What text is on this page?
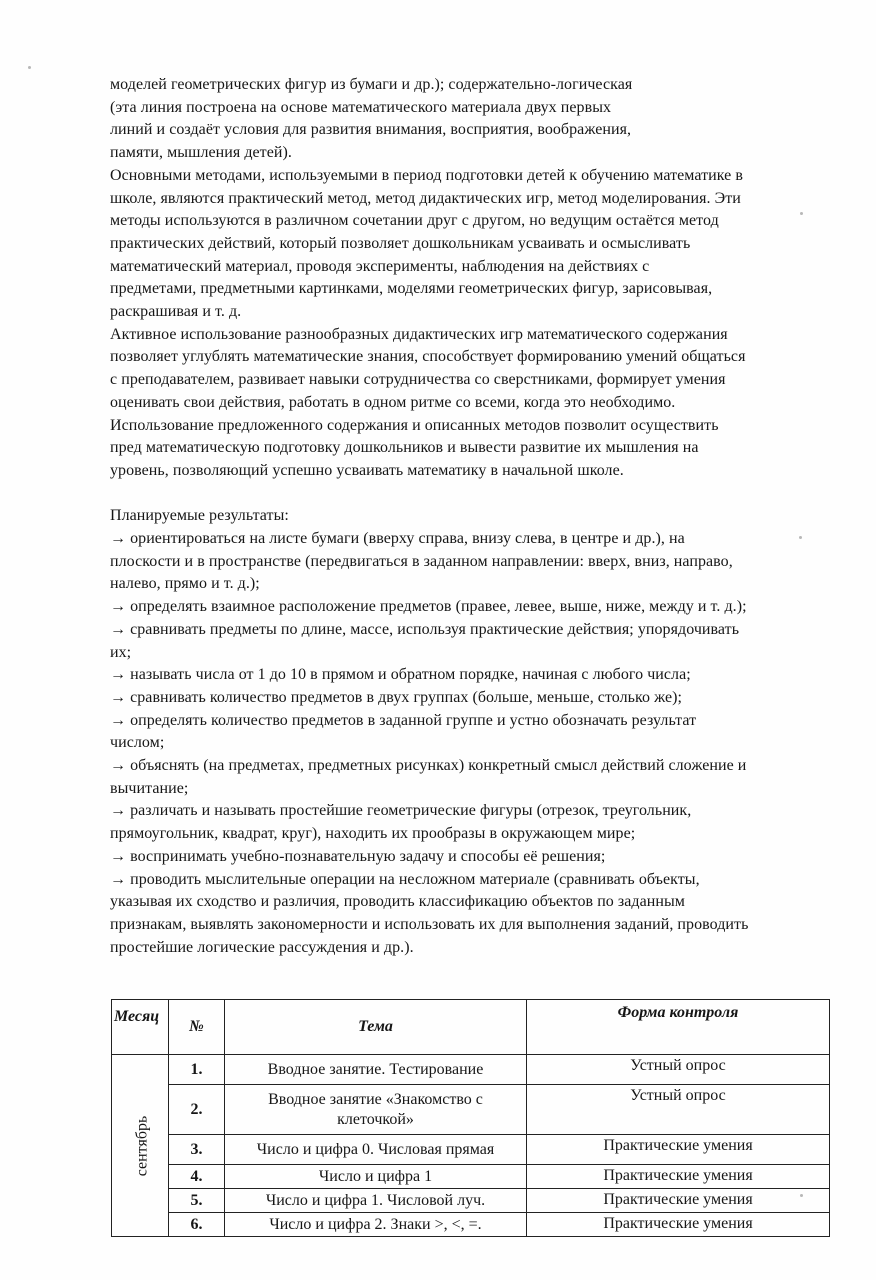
моделей геометрических фигур из бумаги и др.); содержательно-логическая
(эта линия построена на основе математического материала двух первых
линий и создаёт условия для развития внимания, восприятия, воображения,
памяти, мышления детей).
Основными методами, используемыми в период подготовки детей к обучению математике в
школе, являются практический метод, метод дидактических игр, метод моделирования. Эти
методы используются в различном сочетании друг с другом, но ведущим остаётся метод
практических действий, который позволяет дошкольникам усваивать и осмысливать
математический материал, проводя эксперименты, наблюдения на действиях с
предметами, предметными картинками, моделями геометрических фигур, зарисовывая,
раскрашивая и т. д.
Активное использование разнообразных дидактических игр математического содержания
позволяет углублять математические знания, способствует формированию умений общаться
с преподавателем, развивает навыки сотрудничества со сверстниками, формирует умения
оценивать свои действия, работать в одном ритме со всеми, когда это необходимо.
Использование предложенного содержания и описанных методов позволит осуществить
пред математическую подготовку дошкольников и вывести развитие их мышления на
уровень, позволяющий успешно усваивать математику в начальной школе.
Планируемые результаты:
→ ориентироваться на листе бумаги (вверху справа, внизу слева, в центре и др.), на
плоскости и в пространстве (передвигаться в заданном направлении: вверх, вниз, направо,
налево, прямо и т. д.);
→ определять взаимное расположение предметов (правее, левее, выше, ниже, между и т. д.);
→ сравнивать предметы по длине, массе, используя практические действия; упорядочивать
их;
→ называть числа от 1 до 10 в прямом и обратном порядке, начиная с любого числа;
→ сравнивать количество предметов в двух группах (больше, меньше, столько же);
→ определять количество предметов в заданной группе и устно обозначать результат
числом;
→ объяснять (на предметах, предметных рисунках) конкретный смысл действий сложение и
вычитание;
→ различать и называть простейшие геометрические фигуры (отрезок, треугольник,
прямоугольник, квадрат, круг), находить их прообразы в окружающем мире;
→ воспринимать учебно-познавательную задачу и способы её решения;
→ проводить мыслительные операции на несложном материале (сравнивать объекты,
указывая их сходство и различия, проводить классификацию объектов по заданным
признакам, выявлять закономерности и использовать их для выполнения заданий, проводить
простейшие логические рассуждения и др.).
Месяц	№	Тема	Форма контроля
сентябрь	1.	Вводное занятие. Тестирование	Устный опрос
	2.	Вводное занятие «Знакомство с клеточкой»	Устный опрос
	3.	Число и цифра 0. Числовая прямая	Практические умения
	4.	Число и цифра 1	Практические умения
	5.	Число и цифра 1. Числовой луч.	Практические умения
	6.	Число и цифра 2. Знаки >, <, =.	Практические умения
